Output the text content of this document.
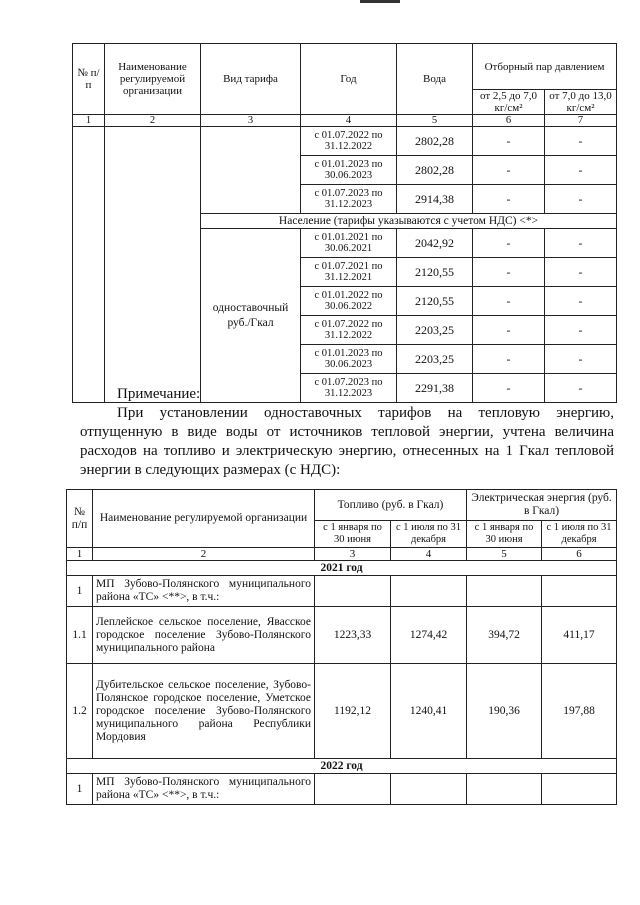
№ п/п	Наименование регулируемой организации	Вид тарифа	Год	Вода	Отборный пар давлением	
					от 2,5 до 7,0 кг/см²	от 7,0 до 13,0 кг/см²
1	2	3	4	5	6	7
			с 01.07.2022 по 31.12.2022	2802,28	-	-
			с 01.01.2023 по 30.06.2023	2802,28	-	-
			с 01.07.2023 по 31.12.2023	2914,38	-	-
		Население (тарифы указываются с учетом НДС) <*>				
		одноставочный руб./Гкал	с 01.01.2021 по 30.06.2021	2042,92	-	-
			с 01.07.2021 по 31.12.2021	2120,55	-	-
			с 01.01.2022 по 30.06.2022	2120,55	-	-
			с 01.07.2022 по 31.12.2022	2203,25	-	-
			с 01.01.2023 по 30.06.2023	2203,25	-	-
			с 01.07.2023 по 31.12.2023	2291,38	-	-
Примечание:
При установлении одноставочных тарифов на тепловую энергию, отпущенную в виде воды от источников тепловой энергии, учтена величина расходов на топливо и электрическую энергию, отнесенных на 1 Гкал тепловой энергии в следующих размерах (с НДС):
№ п/п	Наименование регулируемой организации	Топливо (руб. в Гкал)		Электрическая энергия (руб. в Гкал)	
		с 1 января по 30 июня	с 1 июля по 31 декабря	с 1 января по 30 июня	с 1 июля по 31 декабря
1	2	3	4	5	6
2021 год					
1	МП Зубово-Полянского муниципального района «ТС» <**>, в т.ч.:				
1.1	Леплейское сельское поселение, Явасское городское поселение Зубово-Полянского муниципального района	1223,33	1274,42	394,72	411,17
1.2	Дубительское сельское поселение, Зубово-Полянское городское поселение, Уметское городское поселение Зубово-Полянского муниципального района Республики Мордовия	1192,12	1240,41	190,36	197,88
2022 год					
1	МП Зубово-Полянского муниципального района «ТС» <**>, в т.ч.:				
